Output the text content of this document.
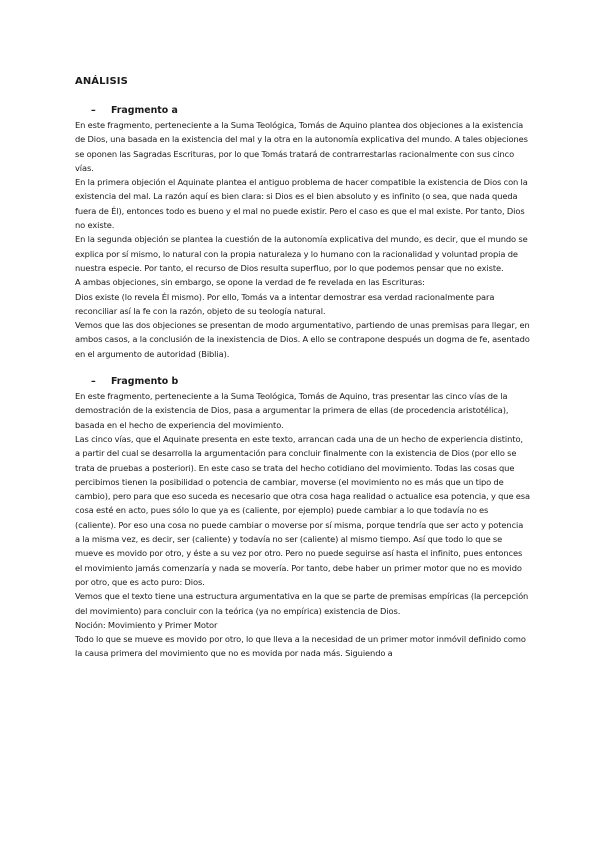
ANÁLISIS
– Fragmento a

En este fragmento, perteneciente a la Suma Teológica, Tomás de Aquino plantea dos objeciones a la existencia de Dios, una basada en la existencia del mal y la otra en la autonomía explicativa del mundo. A tales objeciones se oponen las Sagradas Escrituras, por lo que Tomás tratará de contrarrestarlas racionalmente con sus cinco vías.

En la primera objeción el Aquinate plantea el antiguo problema de hacer compatible la existencia de Dios con la existencia del mal. La razón aquí es bien clara: si Dios es el bien absoluto y es infinito (o sea, que nada queda fuera de Él), entonces todo es bueno y el mal no puede existir. Pero el caso es que el mal existe. Por tanto, Dios no existe.

En la segunda objeción se plantea la cuestión de la autonomía explicativa del mundo, es decir, que el mundo se explica por sí mismo, lo natural con la propia naturaleza y lo humano con la racionalidad y voluntad propia de nuestra especie. Por tanto, el recurso de Dios resulta superfluo, por lo que podemos pensar que no existe.

A ambas objeciones, sin embargo, se opone la verdad de fe revelada en las Escrituras:

Dios existe (lo revela Él mismo). Por ello, Tomás va a intentar demostrar esa verdad racionalmente para reconciliar así la fe con la razón, objeto de su teología natural.

Vemos que las dos objeciones se presentan de modo argumentativo, partiendo de unas premisas para llegar, en ambos casos, a la conclusión de la inexistencia de Dios. A ello se contrapone después un dogma de fe, asentado en el argumento de autoridad (Biblia).

– Fragmento b

En este fragmento, perteneciente a la Suma Teológica, Tomás de Aquino, tras presentar las cinco vías de la demostración de la existencia de Dios, pasa a argumentar la primera de ellas (de procedencia aristotélica), basada en el hecho de experiencia del movimiento.

Las cinco vías, que el Aquinate presenta en este texto, arrancan cada una de un hecho de experiencia distinto, a partir del cual se desarrolla la argumentación para concluir finalmente con la existencia de Dios (por ello se trata de pruebas a posteriori). En este caso se trata del hecho cotidiano del movimiento. Todas las cosas que percibimos tienen la posibilidad o potencia de cambiar, moverse (el movimiento no es más que un tipo de cambio), pero para que eso suceda es necesario que otra cosa haga realidad o actualice esa potencia, y que esa cosa esté en acto, pues sólo lo que ya es (caliente, por ejemplo) puede cambiar a lo que todavía no es (caliente). Por eso una cosa no puede cambiar o moverse por sí misma, porque tendría que ser acto y potencia a la misma vez, es decir, ser (caliente) y todavía no ser (caliente) al mismo tiempo. Así que todo lo que se mueve es movido por otro, y éste a su vez por otro. Pero no puede seguirse así hasta el infinito, pues entonces el movimiento jamás comenzaría y nada se movería. Por tanto, debe haber un primer motor que no es movido por otro, que es acto puro: Dios.

Vemos que el texto tiene una estructura argumentativa en la que se parte de premisas empíricas (la percepción del movimiento) para concluir con la teórica (ya no empírica) existencia de Dios.

Noción: Movimiento y Primer Motor

Todo lo que se mueve es movido por otro, lo que lleva a la necesidad de un primer motor inmóvil definido como la causa primera del movimiento que no es movida por nada más. Siguiendo a
